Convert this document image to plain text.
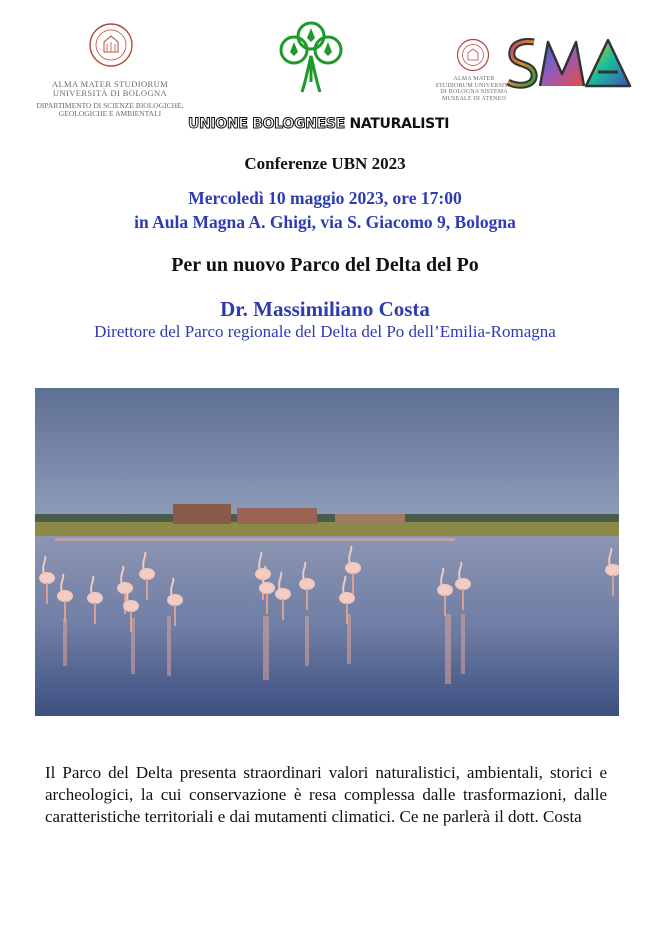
ALMA MATER STUDIORUM
UNIVERSITÀ DI BOLOGNA
DIPARTIMENTO DI SCIENZE BIOLOGICHE, GEOLOGICHE E AMBIENTALI
UNIONE BOLOGNESE NATURALISTI
ALMA MATER STUDIORUM UNIVERSITÀ DI BOLOGNA SISTEMA MUSEALE DI ATENEO
Conferenze UBN 2023
Mercoledì 10 maggio 2023, ore 17:00
in Aula Magna A. Ghigi, via S. Giacomo 9, Bologna
Per un nuovo Parco del Delta del Po
Dr. Massimiliano Costa
Direttore del Parco regionale del Delta del Po dell’Emilia-Romagna
Il Parco del Delta presenta straordinari valori naturalistici, ambientali, storici e archeologici, la cui conservazione è resa complessa dalle trasformazioni, dalle caratteristiche territoriali e dai mutamenti climatici. Ce ne parlerà il dott. Costa
